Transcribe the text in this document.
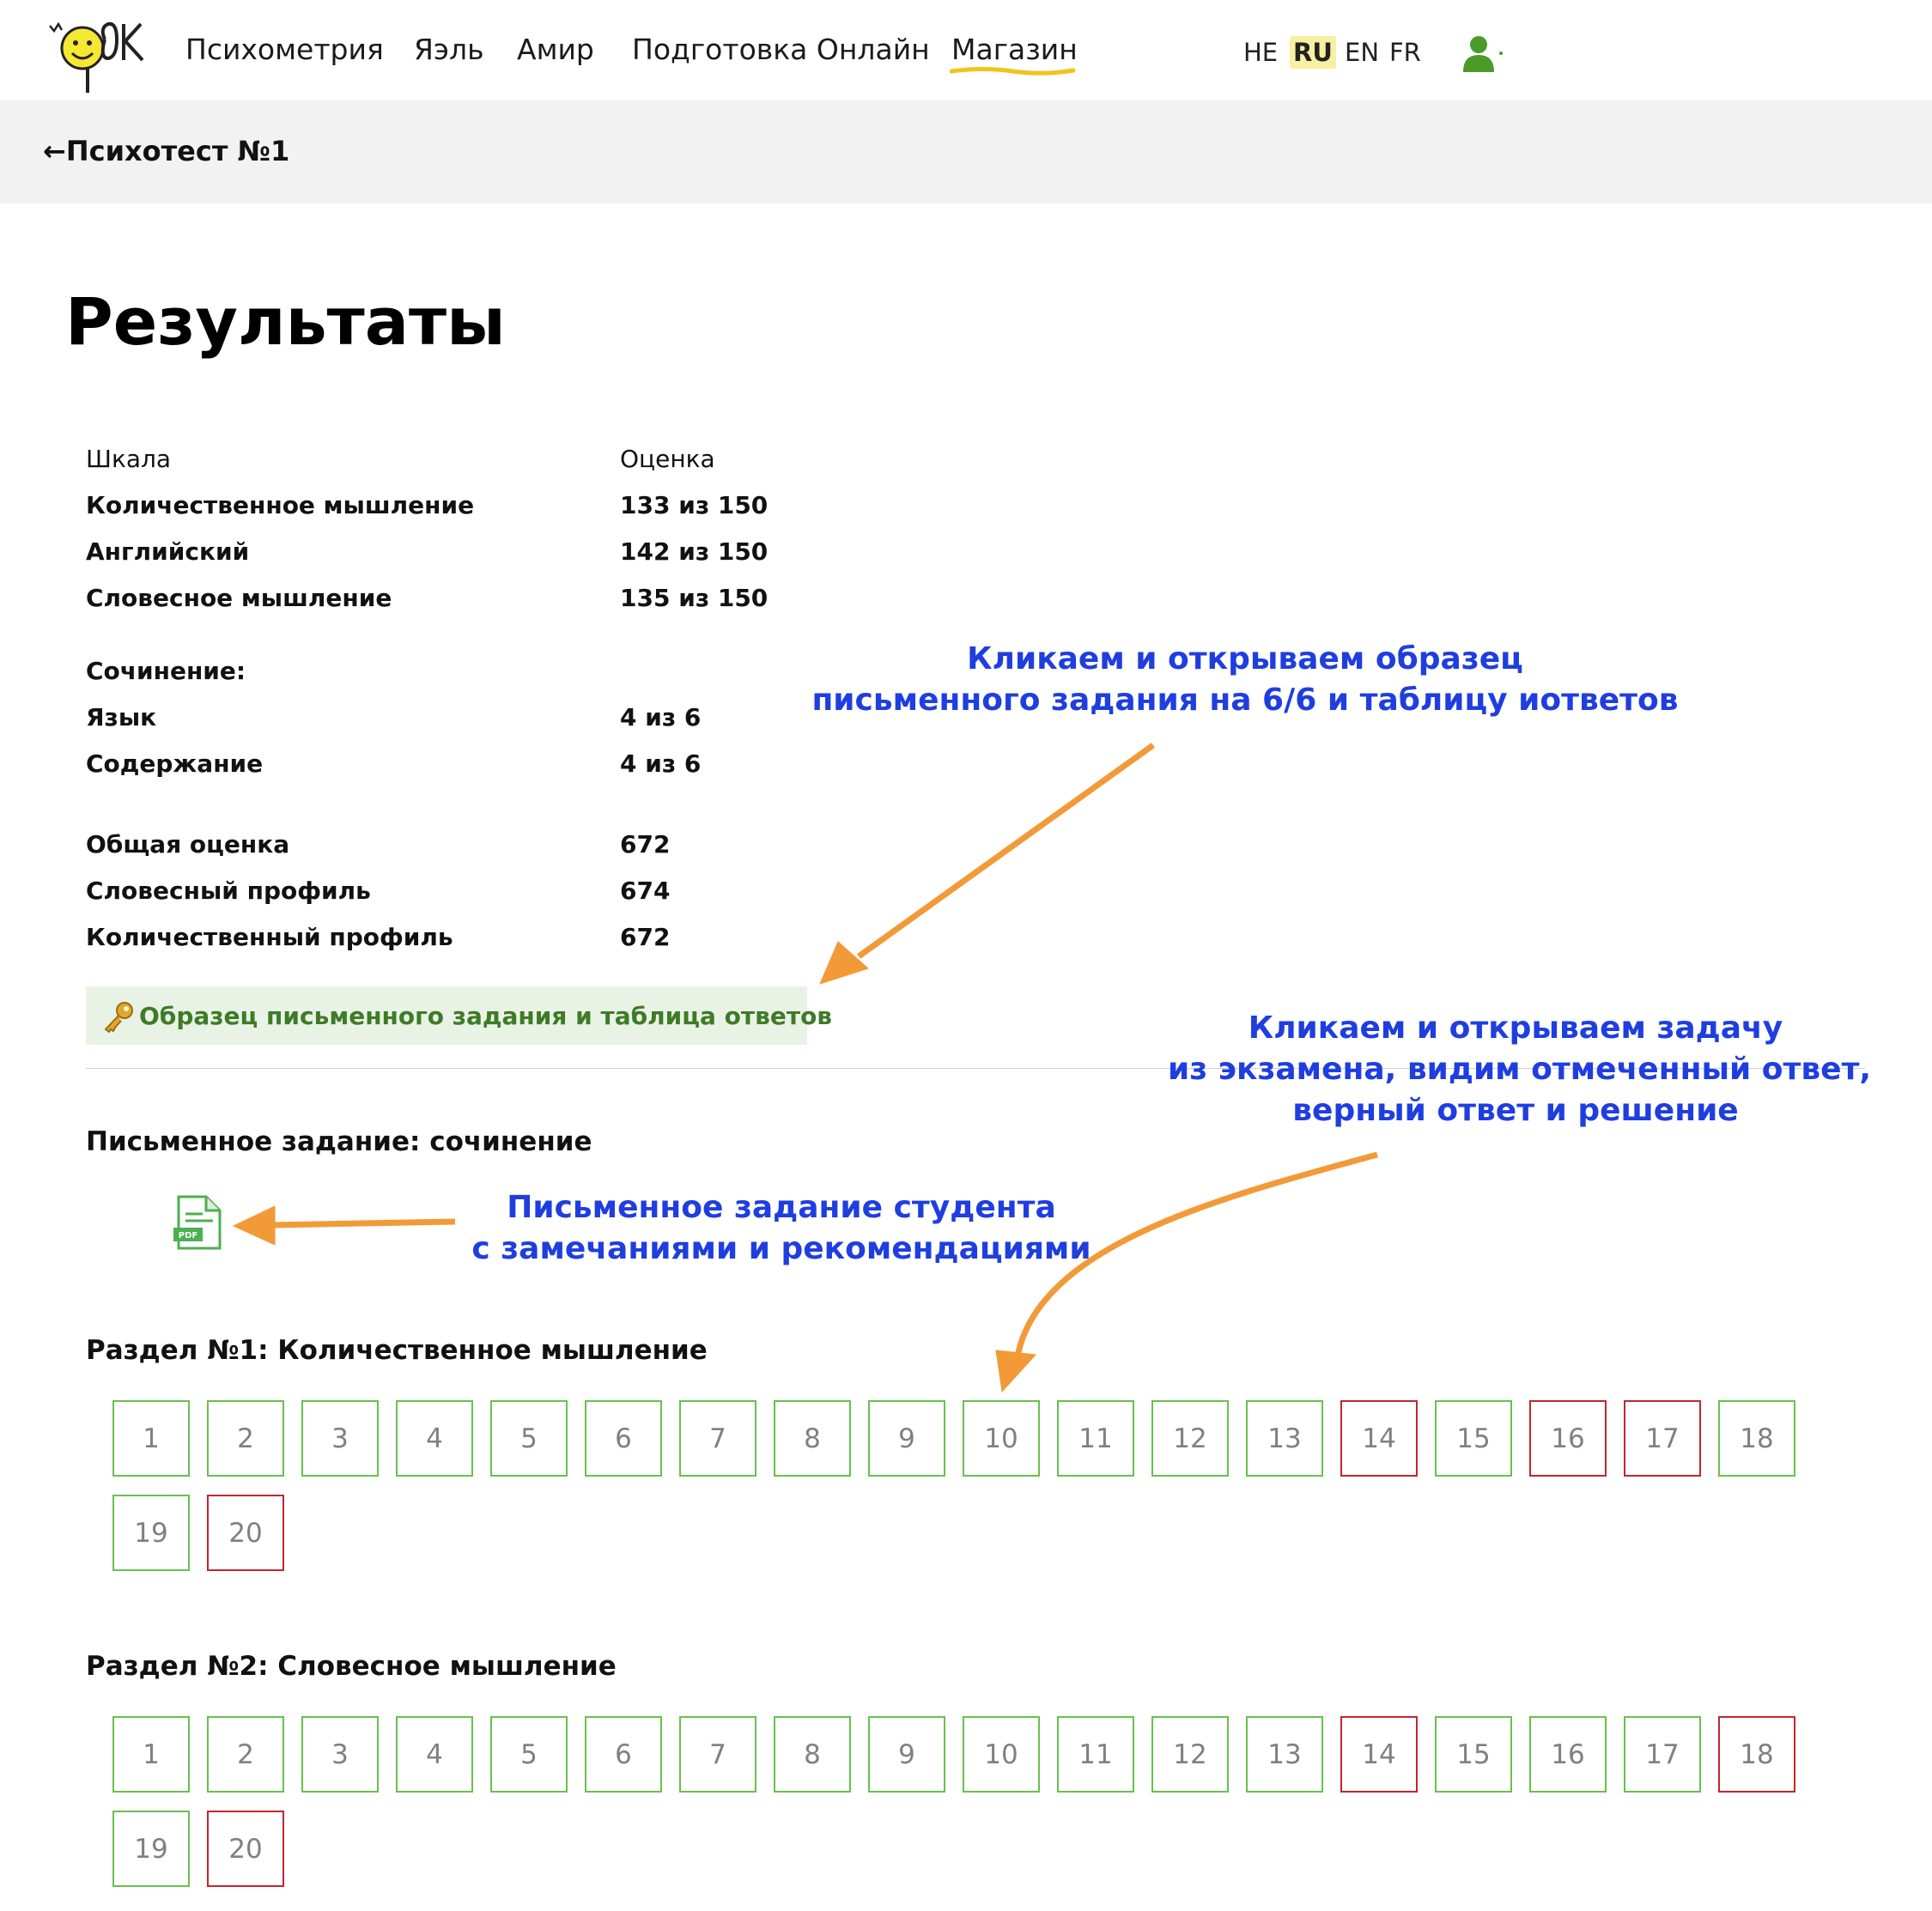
Психометрия Яэль Амир Подготовка Онлайн Магазин	HE RU EN FR
←Психотест №1
Результаты
Шкала	Оценка
Количественное мышление	133 из 150
Английский	142 из 150
Словесное мышление	135 из 150
Сочинение:
Язык	4 из 6
Содержание	4 из 6
Общая оценка	672
Словесный профиль	674
Количественный профиль	672
Образец письменного задания и таблица ответов
Письменное задание: сочинение
PDF
Раздел №1: Количественное мышление
1	2	3	4	5	6	7	8	9	10	11	12	13	14	15	16	17	18
19	20
Раздел №2: Словесное мышление
1	2	3	4	5	6	7	8	9	10	11	12	13	14	15	16	17	18
19	20
Кликаем и открываем образец
письменного задания на 6/6 и таблицу иответов
Кликаем и открываем задачу
из экзамена, видим отмеченный ответ,
верный ответ и решение
Письменное задание студента
с замечаниями и рекомендациями
